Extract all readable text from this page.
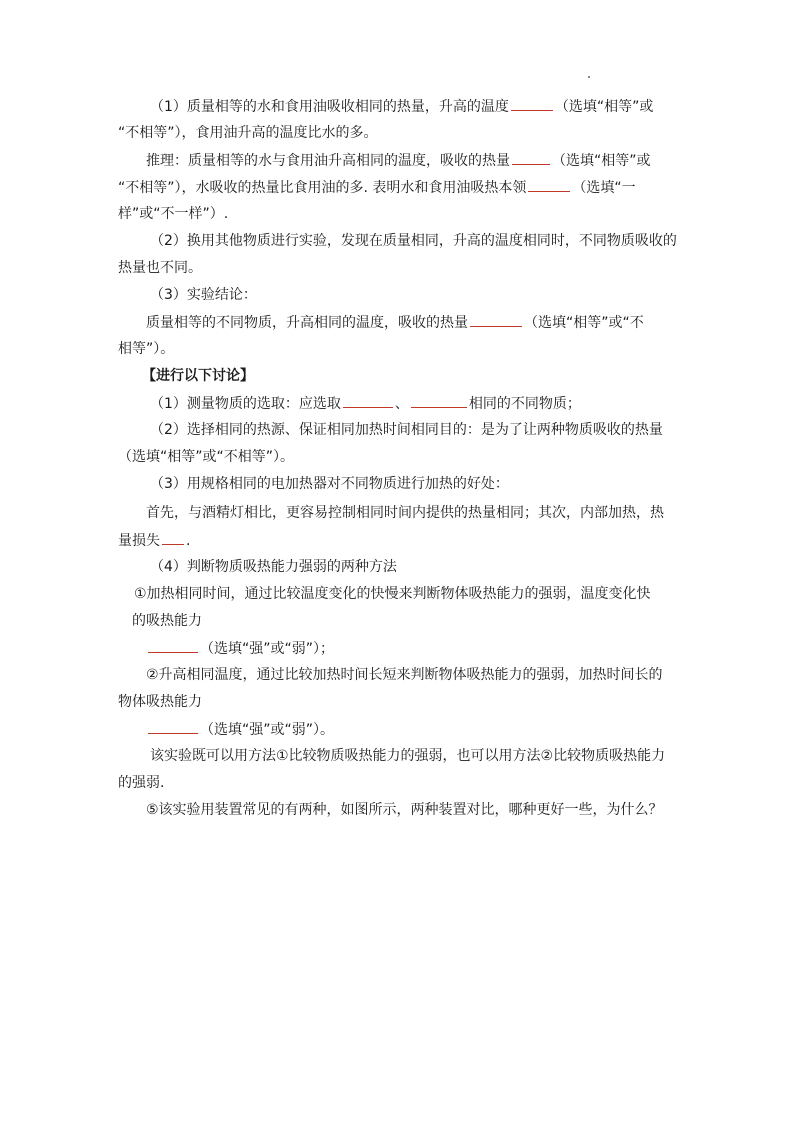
（1）质量相等的水和食用油吸收相同的热量，升高的温度	（选填“相等”或
“不相等”），食用油升高的温度比水的多。
推理：质量相等的水与食用油升高相同的温度，吸收的热量	（选填“相等”或
“不相等”），水吸收的热量比食用油的多. 表明水和食用油吸热本领	（选填“一
样”或“不一样”）.
（2）换用其他物质进行实验，发现在质量相同，升高的温度相同时，不同物质吸收的
热量也不同。
（3）实验结论：
质量相等的不同物质，升高相同的温度，吸收的热量	（选填“相等”或“不
相等”）。
【进行以下讨论】
（1）测量物质的选取：应选取	、	相同的不同物质；
（2）选择相同的热源、保证相同加热时间相同目的：是为了让两种物质吸收的热量
（选填“相等”或“不相等”）。
（3）用规格相同的电加热器对不同物质进行加热的好处：
首先，与酒精灯相比，更容易控制相同时间内提供的热量相同；其次，内部加热，热
量损失 .
（4）判断物质吸热能力强弱的两种方法
①加热相同时间，通过比较温度变化的快慢来判断物体吸热能力的强弱，温度变化快
的吸热能力
（选填“强”或“弱”）；
②升高相同温度，通过比较加热时间长短来判断物体吸热能力的强弱，加热时间长的
物体吸热能力
（选填“强”或“弱”）。
该实验既可以用方法①比较物质吸热能力的强弱，也可以用方法②比较物质吸热能力
的强弱.
⑤该实验用装置常见的有两种，如图所示，两种装置对比，哪种更好一些，为什么？
